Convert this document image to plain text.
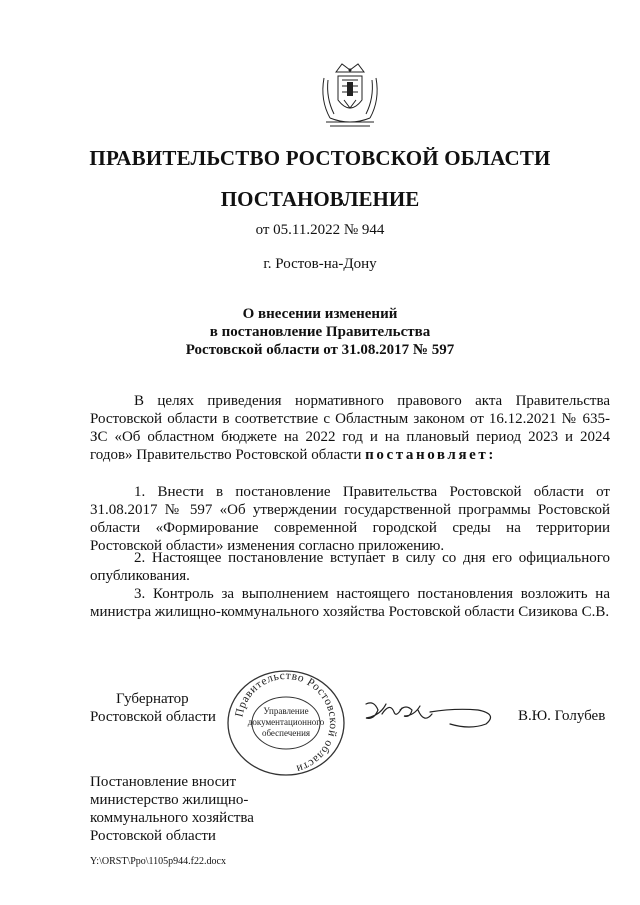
ПРАВИТЕЛЬСТВО РОСТОВСКОЙ ОБЛАСТИ
ПОСТАНОВЛЕНИЕ
от 05.11.2022 № 944
г. Ростов-на-Дону
О внесении изменений
в постановление Правительства
Ростовской области от 31.08.2017 № 597
В целях приведения нормативного правового акта Правительства Ростовской области в соответствие с Областным законом от 16.12.2021 № 635-ЗС «Об областном бюджете на 2022 год и на плановый период 2023 и 2024 годов» Правительство Ростовской области постановляет:
1. Внести в постановление Правительства Ростовской области от 31.08.2017 № 597 «Об утверждении государственной программы Ростовской области «Формирование современной городской среды на территории Ростовской области» изменения согласно приложению.
2. Настоящее постановление вступает в силу со дня его официального опубликования.
3. Контроль за выполнением настоящего постановления возложить на министра жилищно-коммунального хозяйства Ростовской области Сизикова С.В.
Губернатор
Ростовской области Правительство Ростовской области
Управление
документационного
обеспечения
В.Ю. Голубев
Постановление вносит
министерство жилищно-
коммунального хозяйства
Ростовской области
Y:\ORST\Ppo\1105p944.f22.docx
